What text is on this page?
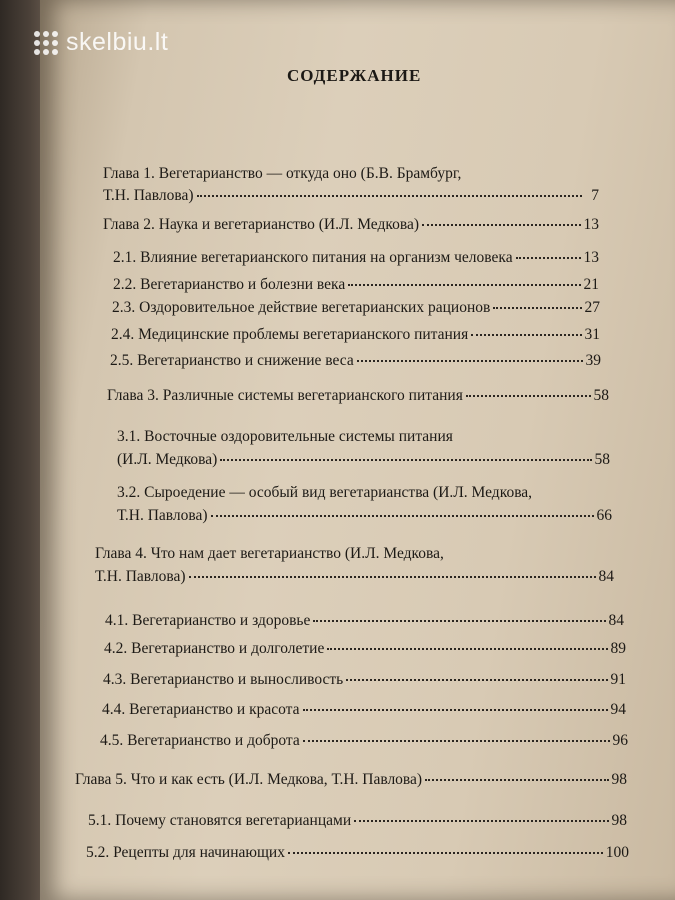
skelbiu.lt
СОДЕРЖАНИЕ
Глава 1. Вегетарианство — откуда оно (Б.В. Брамбург,
Т.Н. Павлова)	7
Глава 2. Наука и вегетарианство (И.Л. Медкова)	13
2.1. Влияние вегетарианского питания на организм человека	13
2.2. Вегетарианство и болезни века	21
2.3. Оздоровительное действие вегетарианских рационов	27
2.4. Медицинские проблемы вегетарианского питания	31
2.5. Вегетарианство и снижение веса	39
Глава 3. Различные системы вегетарианского питания	58
3.1. Восточные оздоровительные системы питания
(И.Л. Медкова)	58
3.2. Сыроедение — особый вид вегетарианства (И.Л. Медкова,
Т.Н. Павлова)	66
Глава 4. Что нам дает вегетарианство (И.Л. Медкова,
Т.Н. Павлова)	84
4.1. Вегетарианство и здоровье	84
4.2. Вегетарианство и долголетие	89
4.3. Вегетарианство и выносливость	91
4.4. Вегетарианство и красота	94
4.5. Вегетарианство и доброта	96
Глава 5. Что и как есть (И.Л. Медкова, Т.Н. Павлова)	98
5.1. Почему становятся вегетарианцами	98
5.2. Рецепты для начинающих	100
